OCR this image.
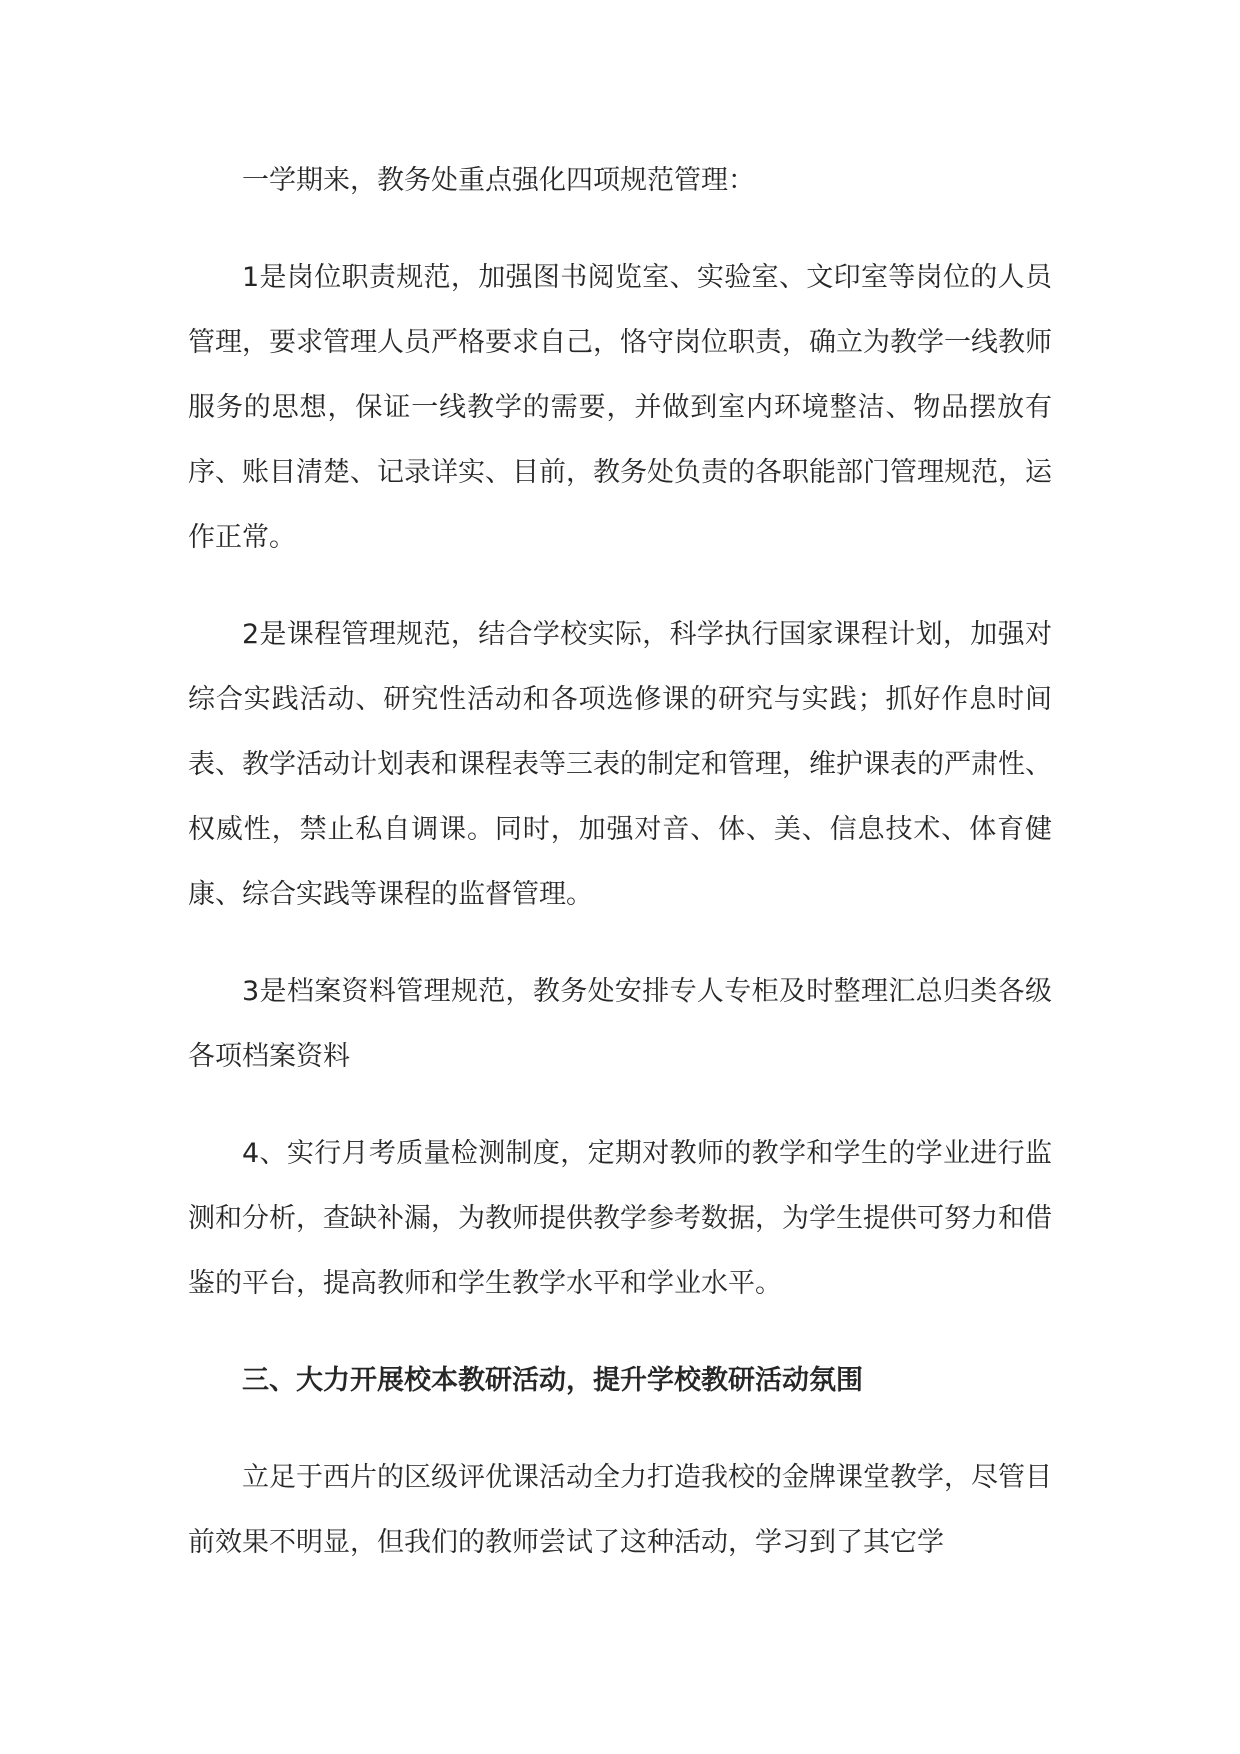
一学期来，教务处重点强化四项规范管理：

1是岗位职责规范，加强图书阅览室、实验室、文印室等岗位的人员管理，要求管理人员严格要求自己，恪守岗位职责，确立为教学一线教师服务的思想，保证一线教学的需要，并做到室内环境整洁、物品摆放有序、账目清楚、记录详实、目前，教务处负责的各职能部门管理规范，运作正常。

2是课程管理规范，结合学校实际，科学执行国家课程计划，加强对综合实践活动、研究性活动和各项选修课的研究与实践；抓好作息时间表、教学活动计划表和课程表等三表的制定和管理，维护课表的严肃性、权威性，禁止私自调课。同时，加强对音、体、美、信息技术、体育健康、综合实践等课程的监督管理。

3是档案资料管理规范，教务处安排专人专柜及时整理汇总归类各级各项档案资料

4、实行月考质量检测制度，定期对教师的教学和学生的学业进行监测和分析，查缺补漏，为教师提供教学参考数据，为学生提供可努力和借鉴的平台，提高教师和学生教学水平和学业水平。

三、大力开展校本教研活动，提升学校教研活动氛围

立足于西片的区级评优课活动全力打造我校的金牌课堂教学，尽管目前效果不明显，但我们的教师尝试了这种活动，学习到了其它学
